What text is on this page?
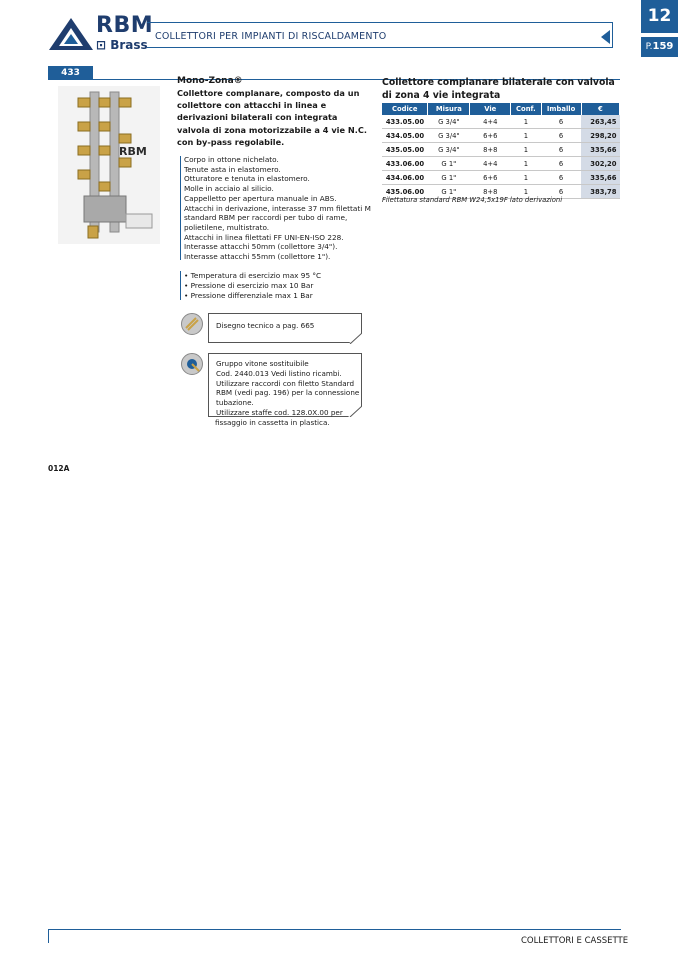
RBM
⊡ Brass
COLLETTORI PER IMPIANTI DI RISCALDAMENTO
12
P.159
433
RBM
Mono-Zona®
Collettore complanare, composto da un collettore con attacchi in linea e derivazioni bilaterali con integrata valvola di zona motorizzabile a 4 vie N.C. con by-pass regolabile.
Corpo in ottone nichelato.
Tenute asta in elastomero.
Otturatore e tenuta in elastomero.
Molle in acciaio al silicio.
Cappelletto per apertura manuale in ABS.
Attacchi in derivazione, interasse 37 mm filettati M
standard RBM per raccordi per tubo di rame,
polietilene, multistrato.
Attacchi in linea filettati FF UNI-EN-ISO 228.
Interasse attacchi 50mm (collettore 3/4").
Interasse attacchi 55mm (collettore 1").
• Temperatura di esercizio max 95 °C
• Pressione di esercizio max 10 Bar
• Pressione differenziale max 1 Bar
Disegno tecnico a pag. 665
Gruppo vitone sostituibile
Cod. 2440.013 Vedi listino ricambi.
Utilizzare raccordi con filetto Standard
RBM (vedi pag. 196) per la connessione
tubazione.
Utilizzare staffe cod. 128.0X.00 per
fissaggio in cassetta in plastica.
Collettore complanare bilaterale con valvola di zona 4 vie integrata
Codice	Misura	Vie	Conf.	Imballo	€
433.05.00	G 3/4"	4+4	1	6	263,45
434.05.00	G 3/4"	6+6	1	6	298,20
435.05.00	G 3/4"	8+8	1	6	335,66
433.06.00	G 1"	4+4	1	6	302,20
434.06.00	G 1"	6+6	1	6	335,66
435.06.00	G 1"	8+8	1	6	383,78
Filettatura standard RBM W24,5x19F lato derivazioni
012A
COLLETTORI E CASSETTE
